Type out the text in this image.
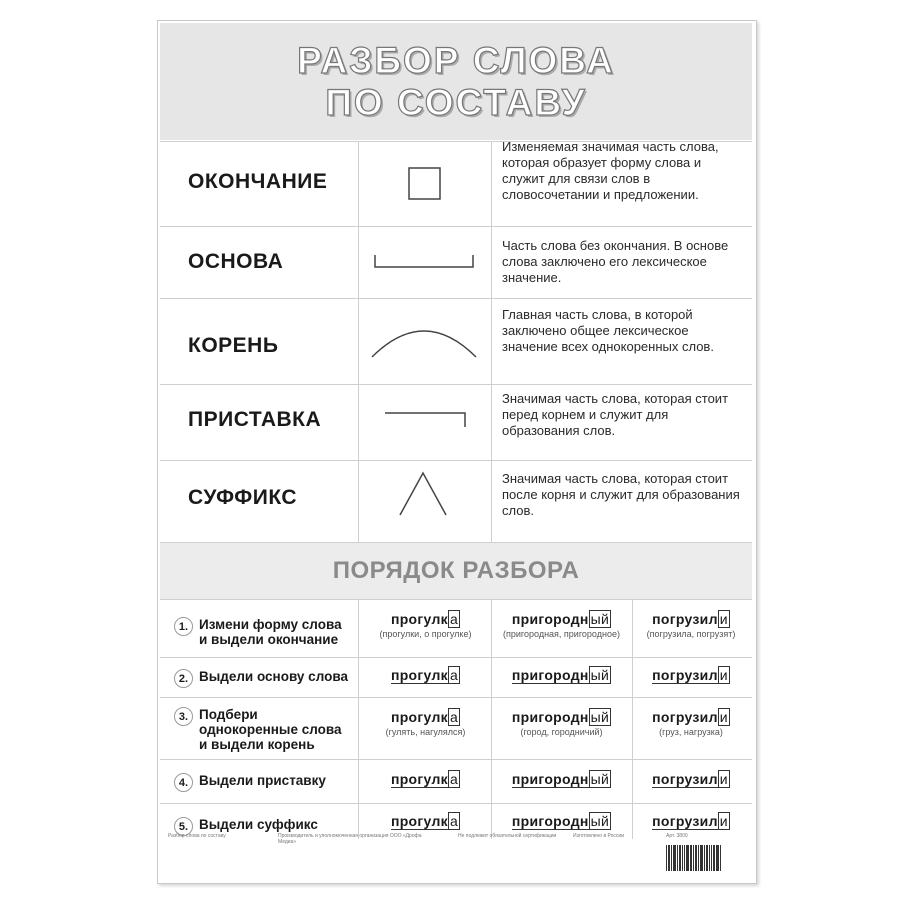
РАЗБОР СЛОВА
ПО СОСТАВУ
ОКОНЧАНИЕ
Изменяемая значимая часть слова, которая образует форму слова и служит для связи слов в словосочетании и предложении.
ОСНОВА
Часть слова без окончания. В основе слова заключено его лексическое значение.
КОРЕНЬ
Главная часть слова, в которой заключено общее лексическое значение всех однокоренных слов.
ПРИСТАВКА
Значимая часть слова, которая стоит перед корнем и служит для образования слов.
СУФФИКС
Значимая часть слова, которая стоит после корня и служит для образования слов.
ПОРЯДОК РАЗБОРА
1. Измени форму слова и выдели окончание
прогулк а
(прогулки, о прогулке)
пригородн ый
(пригородная, пригородное)
погрузил и
(погрузила, погрузят)
2. Выдели основу слова	прогулк а	пригородн ый	погрузил и
3. Подбери однокоренные слова и выдели корень
прогулк а
(гулять, нагулялся)
пригородн ый
(город, городничий)
погрузил и
(груз, нагрузка)
4. Выдели приставку	прогулк а	пригородн ый	погрузил и
5. Выдели суффикс	прогулк а	пригородн ый	погрузил и
Разбор слова по составу	Производитель и уполномоченная организация ООО «Дрофа Медиа»
Не подлежит обязательной сертификации	Изготовлено в России	Арт. 3800
